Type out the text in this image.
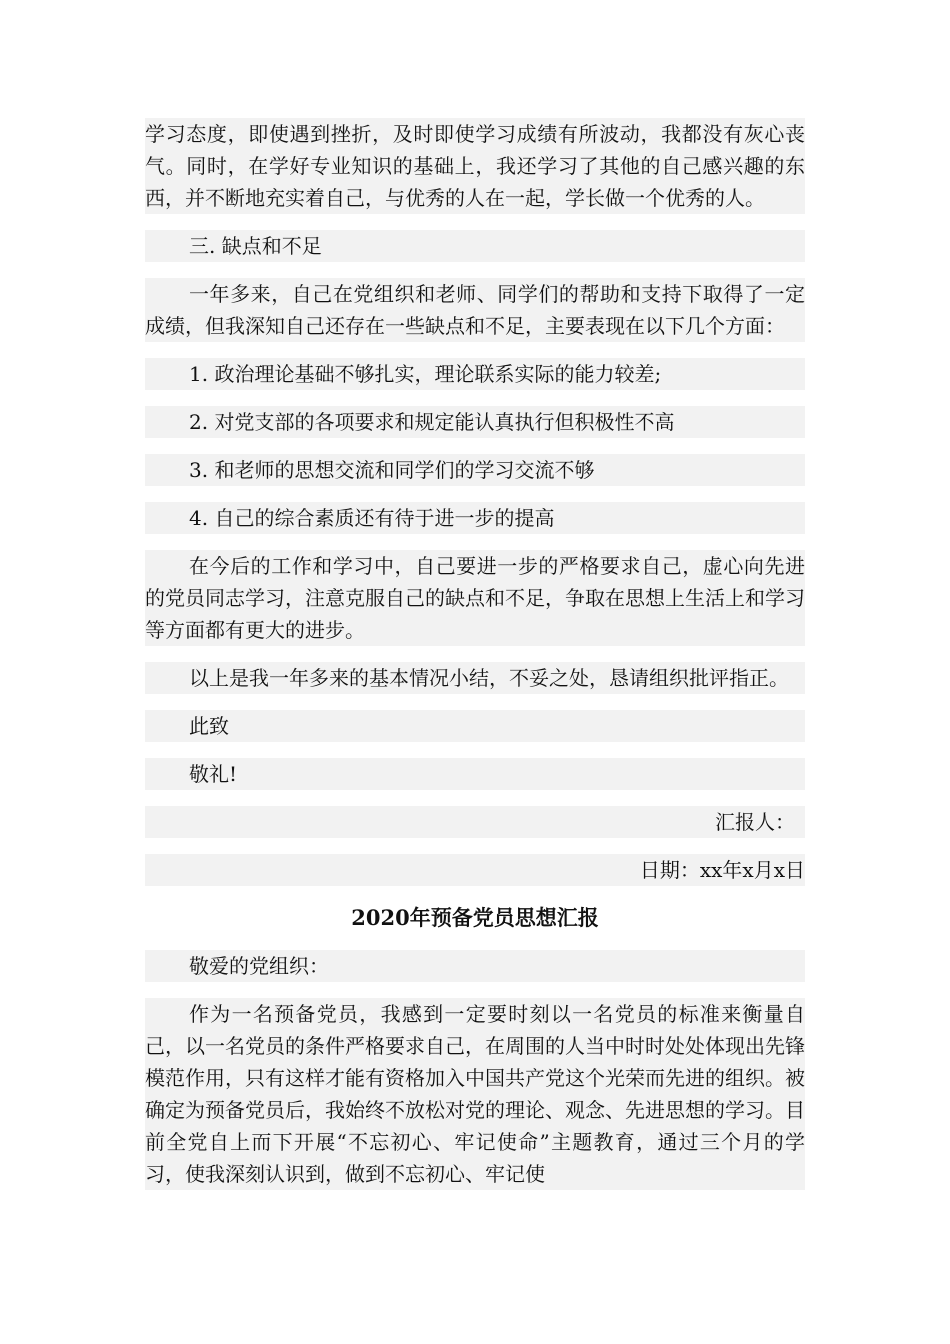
学习态度，即使遇到挫折，及时即使学习成绩有所波动，我都没有灰心丧气。同时，在学好专业知识的基础上，我还学习了其他的自己感兴趣的东西，并不断地充实着自己，与优秀的人在一起，学长做一个优秀的人。

三. 缺点和不足

一年多来，自己在党组织和老师、同学们的帮助和支持下取得了一定成绩，但我深知自己还存在一些缺点和不足，主要表现在以下几个方面：

1. 政治理论基础不够扎实，理论联系实际的能力较差;

2. 对党支部的各项要求和规定能认真执行但积极性不高

3. 和老师的思想交流和同学们的学习交流不够

4. 自己的综合素质还有待于进一步的提高

在今后的工作和学习中，自己要进一步的严格要求自己，虚心向先进的党员同志学习，注意克服自己的缺点和不足，争取在思想上生活上和学习等方面都有更大的进步。

以上是我一年多来的基本情况小结，不妥之处，恳请组织批评指正。

此致

敬礼!

汇报人：

日期：xx年x月x日

2020年预备党员思想汇报

敬爱的党组织：

作为一名预备党员，我感到一定要时刻以一名党员的标准来衡量自己，以一名党员的条件严格要求自己，在周围的人当中时时处处体现出先锋模范作用，只有这样才能有资格加入中国共产党这个光荣而先进的组织。被确定为预备党员后，我始终不放松对党的理论、观念、先进思想的学习。目前全党自上而下开展“不忘初心、牢记使命”主题教育，通过三个月的学习，使我深刻认识到，做到不忘初心、牢记使
